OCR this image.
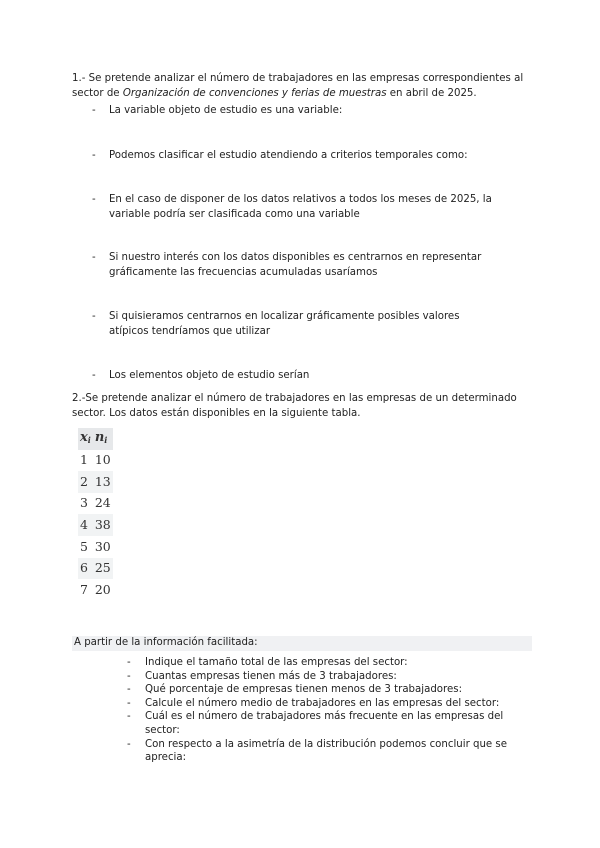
1.- Se pretende analizar el número de trabajadores en las empresas correspondientes al sector de Organización de convenciones y ferias de muestras en abril de 2025.
- La variable objeto de estudio es una variable:
- Podemos clasificar el estudio atendiendo a criterios temporales como:
- En el caso de disponer de los datos relativos a todos los meses de 2025, la variable podría ser clasificada como una variable
- Si nuestro interés con los datos disponibles es centrarnos en representar gráficamente las frecuencias acumuladas usaríamos
- Si quisieramos centrarnos en localizar gráficamente posibles valores atípicos tendríamos que utilizar
- Los elementos objeto de estudio serían
2.-Se pretende analizar el número de trabajadores en las empresas de un determinado sector. Los datos están disponibles en la siguiente tabla.
$x_i$	$n_i$
1	10
2	13
3	24
4	38
5	30
6	25
7	20
A partir de la información facilitada:
- Indique el tamaño total de las empresas del sector:
- Cuantas empresas tienen más de 3 trabajadores:
- Qué porcentaje de empresas tienen menos de 3 trabajadores:
- Calcule el número medio de trabajadores en las empresas del sector:
- Cuál es el número de trabajadores más frecuente en las empresas del sector:
- Con respecto a la asimetría de la distribución podemos concluir que se aprecia:
